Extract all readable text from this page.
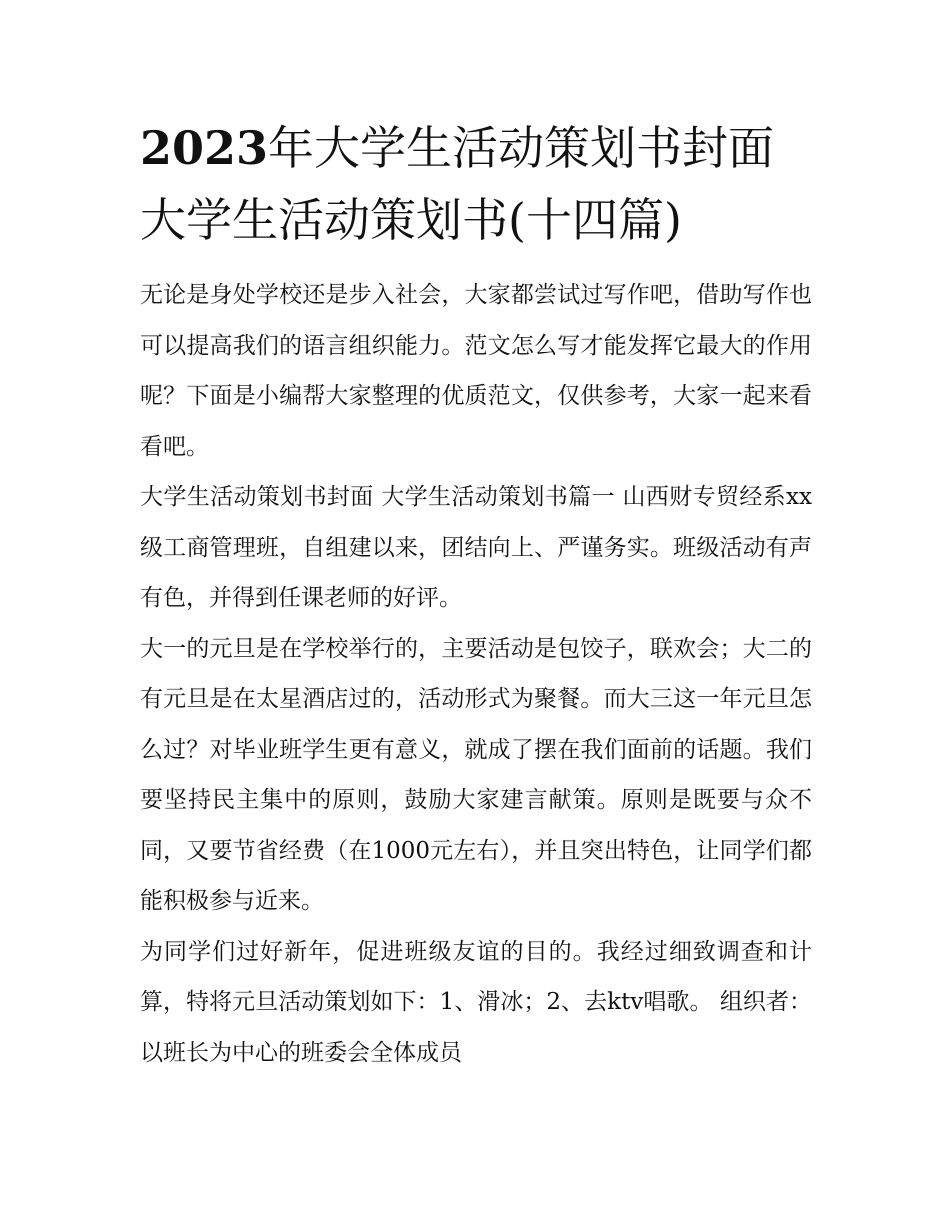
2023年大学生活动策划书封面大学生活动策划书(十四篇)

无论是身处学校还是步入社会，大家都尝试过写作吧，借助写作也可以提高我们的语言组织能力。范文怎么写才能发挥它最大的作用呢？下面是小编帮大家整理的优质范文，仅供参考，大家一起来看看吧。

大学生活动策划书封面 大学生活动策划书篇一 山西财专贸经系xx级工商管理班，自组建以来，团结向上、严谨务实。班级活动有声有色，并得到任课老师的好评。

大一的元旦是在学校举行的，主要活动是包饺子，联欢会；大二的有元旦是在太星酒店过的，活动形式为聚餐。而大三这一年元旦怎么过？对毕业班学生更有意义，就成了摆在我们面前的话题。我们要坚持民主集中的原则，鼓励大家建言献策。原则是既要与众不同，又要节省经费（在1000元左右），并且突出特色，让同学们都能积极参与近来。

为同学们过好新年，促进班级友谊的目的。我经过细致调查和计算，特将元旦活动策划如下：1、滑冰；2、去ktv唱歌。 组织者：以班长为中心的班委会全体成员
